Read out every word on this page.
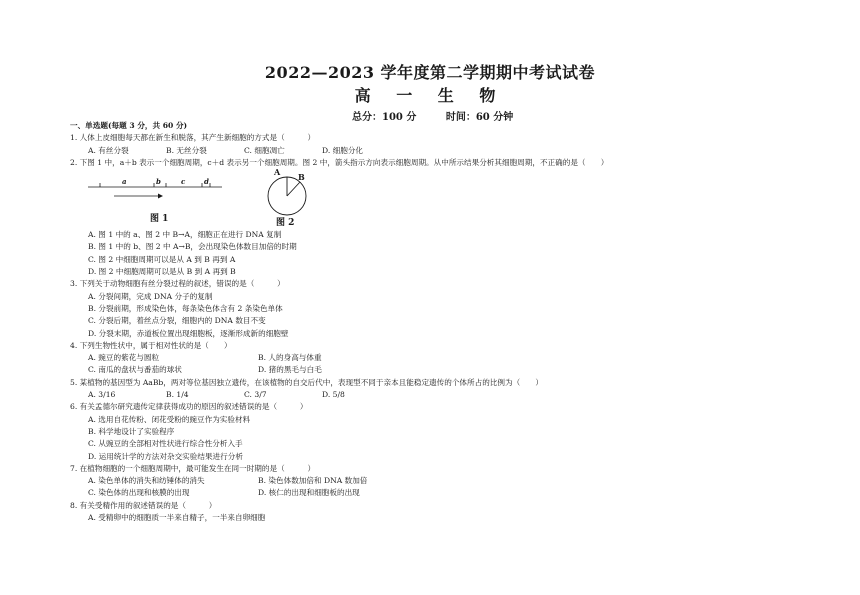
2022—2023 学年度第二学期期中考试试卷
高 一 生 物
总分：100 分	时间：60 分钟
一、单选题(每题 3 分，共 60 分)
1. 人体上皮细胞每天都在新生和脱落，其产生新细胞的方式是（　　　）
A. 有丝分裂	B. 无丝分裂	C. 细胞凋亡	D. 细胞分化
2. 下图 1 中，a＋b 表示一个细胞周期，c＋d 表示另一个细胞周期。图 2 中，箭头指示方向表示细胞周期。从中所示结果分析其细胞周期，不正确的是（　　）
a	b	c	d
图 1
A B
图 2
A. 图 1 中的 a、图 2 中 B→A，细胞正在进行 DNA 复制
B. 图 1 中的 b、图 2 中 A→B，会出现染色体数目加倍的时期
C. 图 2 中细胞周期可以是从 A 到 B 再到 A
D. 图 2 中细胞周期可以是从 B 到 A 再到 B
3. 下列关于动物细胞有丝分裂过程的叙述，错误的是（　　　）
A. 分裂间期，完成 DNA 分子的复制
B. 分裂前期，形成染色体，每条染色体含有 2 条染色单体
C. 分裂后期，着丝点分裂，细胞内的 DNA 数目不变
D. 分裂末期，赤道板位置出现细胞板，逐渐形成新的细胞壁
4. 下列生物性状中，属于相对性状的是（　　）
A. 豌豆的紫花与圆粒	B. 人的身高与体重
C. 南瓜的盘状与番茄的球状	D. 猪的黑毛与白毛
5. 某植物的基因型为 AaBb，两对等位基因独立遗传，在该植物的自交后代中，表现型不同于亲本且能稳定遗传的个体所占的比例为（　　）
A. 3/16	B. 1/4	C. 3/7	D. 5/8
6. 有关孟德尔研究遗传定律获得成功的原因的叙述错误的是（　　　）
A. 选用自花传粉、闭花受粉的豌豆作为实验材料
B. 科学地设计了实验程序
C. 从豌豆的全部相对性状进行综合性分析入手
D. 运用统计学的方法对杂交实验结果进行分析
7. 在植物细胞的一个细胞周期中，最可能发生在同一时期的是（　　　）
A. 染色单体的消失和纺锤体的消失	B. 染色体数加倍和 DNA 数加倍
C. 染色体的出现和核膜的出现	D. 核仁的出现和细胞板的出现
8. 有关受精作用的叙述错误的是（　　　）
A. 受精卵中的细胞质一半来自精子，一半来自卵细胞
